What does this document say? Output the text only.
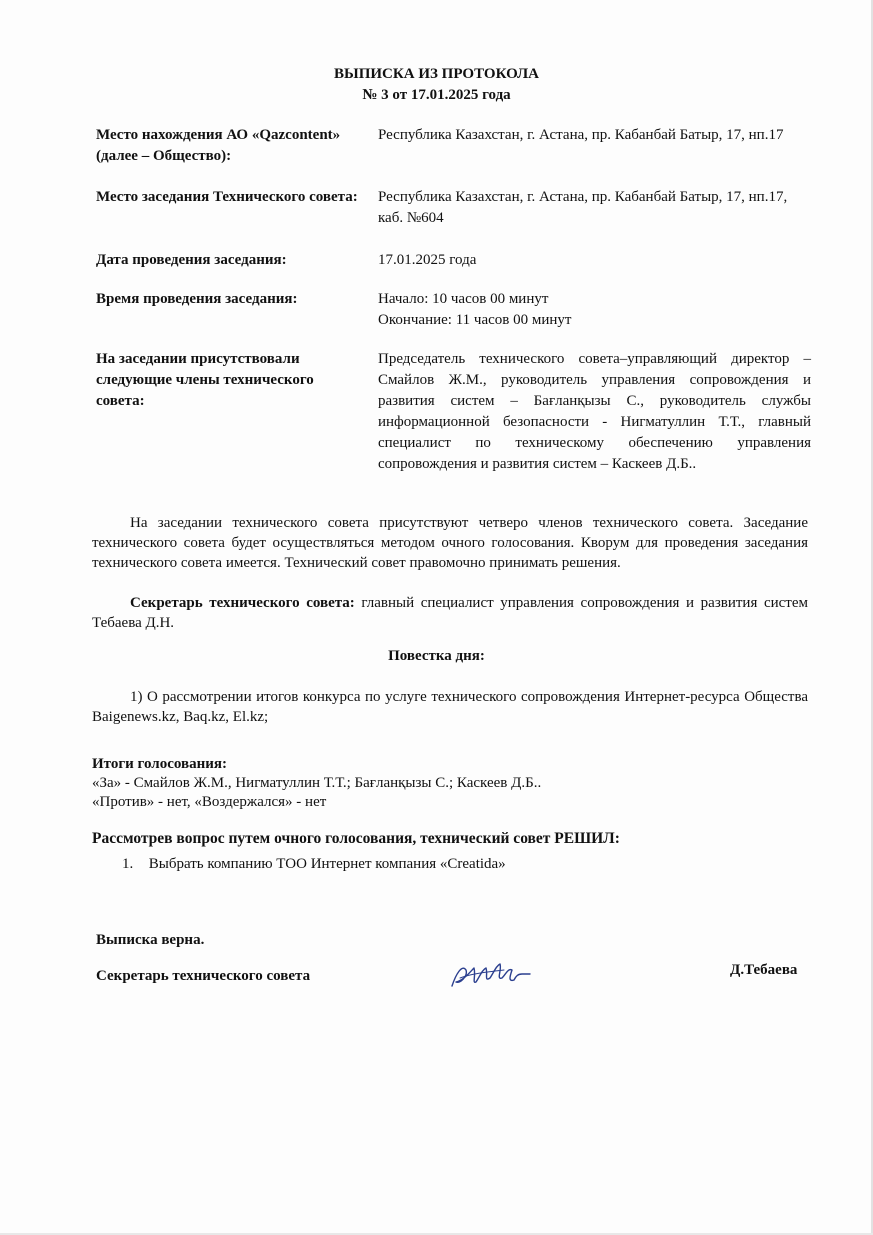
ВЫПИСКА ИЗ ПРОТОКОЛА
№ 3 от 17.01.2025 года
Место нахождения АО «Qazcontent» (далее – Общество):
Республика Казахстан, г. Астана, пр. Кабанбай Батыр, 17, нп.17
Место заседания Технического совета: Республика Казахстан, г. Астана, пр. Кабанбай Батыр, 17, нп.17, каб. №604
Дата проведения заседания:	17.01.2025 года
Время проведения заседания:	Начало: 10 часов 00 минут
Окончание: 11 часов 00 минут
На заседании присутствовали следующие члены технического совета:
Председатель технического совета–управляющий директор – Смайлов Ж.М., руководитель управления сопровождения и развития систем – Бағланқызы С., руководитель службы информационной безопасности - Нигматуллин Т.Т., главный специалист по техническому обеспечению управления сопровождения и развития систем – Каскеев Д.Б..
На заседании технического совета присутствуют четверо членов технического совета. Заседание технического совета будет осуществляться методом очного голосования. Кворум для проведения заседания технического совета имеется. Технический совет правомочно принимать решения.
Секретарь технического совета: главный специалист управления сопровождения и развития систем Тебаева Д.Н.
Повестка дня:
1) О рассмотрении итогов конкурса по услуге технического сопровождения Интернет-ресурса Общества Baigenews.kz, Baq.kz, El.kz;
Итоги голосования:
«За» - Смайлов Ж.М., Нигматуллин Т.Т.; Бағланқызы С.; Каскеев Д.Б..
«Против» - нет, «Воздержался» - нет
Рассмотрев вопрос путем очного голосования, технический совет РЕШИЛ:
1. Выбрать компанию ТОО Интернет компания «Creatida»
Выписка верна.
Секретарь технического совета	Д.Тебаева
